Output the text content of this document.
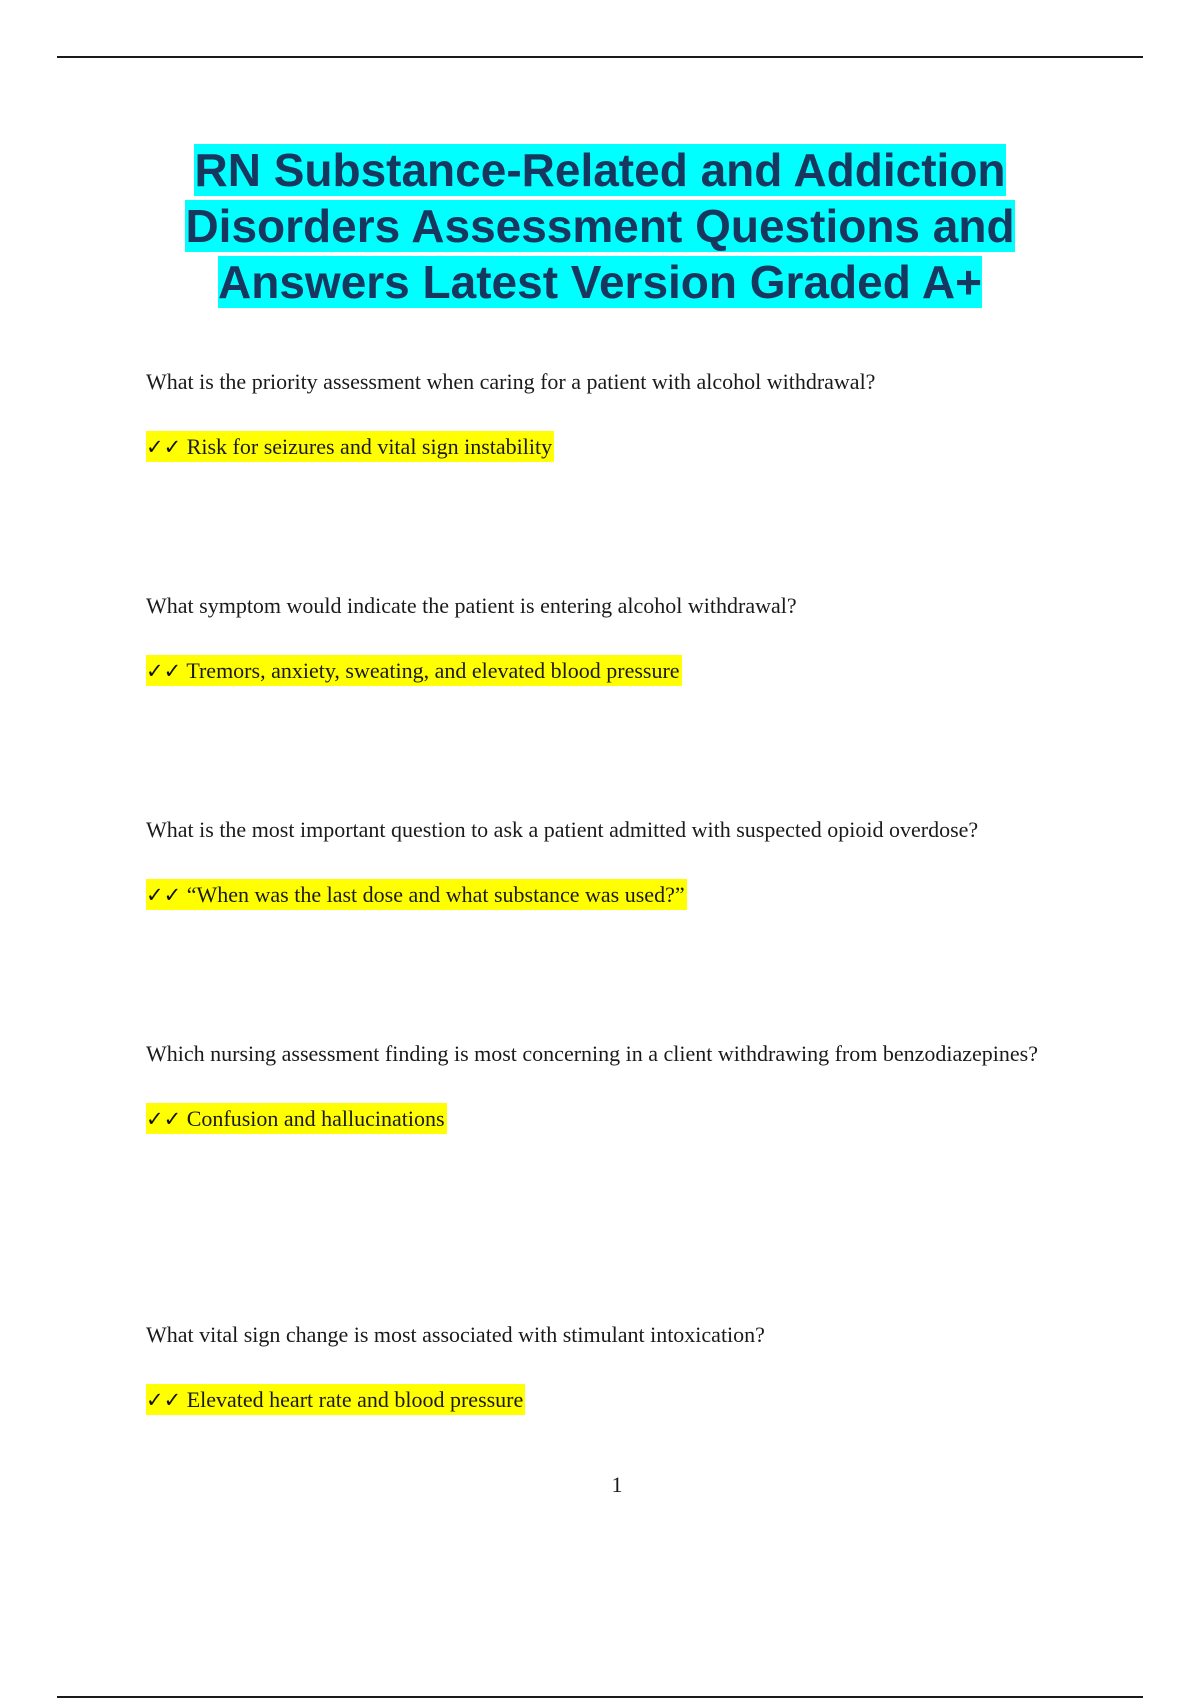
RN Substance-Related and Addiction Disorders Assessment Questions and Answers Latest Version Graded A+

What is the priority assessment when caring for a patient with alcohol withdrawal?

✓✓ Risk for seizures and vital sign instability

What symptom would indicate the patient is entering alcohol withdrawal?

✓✓ Tremors, anxiety, sweating, and elevated blood pressure

What is the most important question to ask a patient admitted with suspected opioid overdose?

✓✓ “When was the last dose and what substance was used?”

Which nursing assessment finding is most concerning in a client withdrawing from benzodiazepines?

✓✓ Confusion and hallucinations

What vital sign change is most associated with stimulant intoxication?

✓✓ Elevated heart rate and blood pressure

1
